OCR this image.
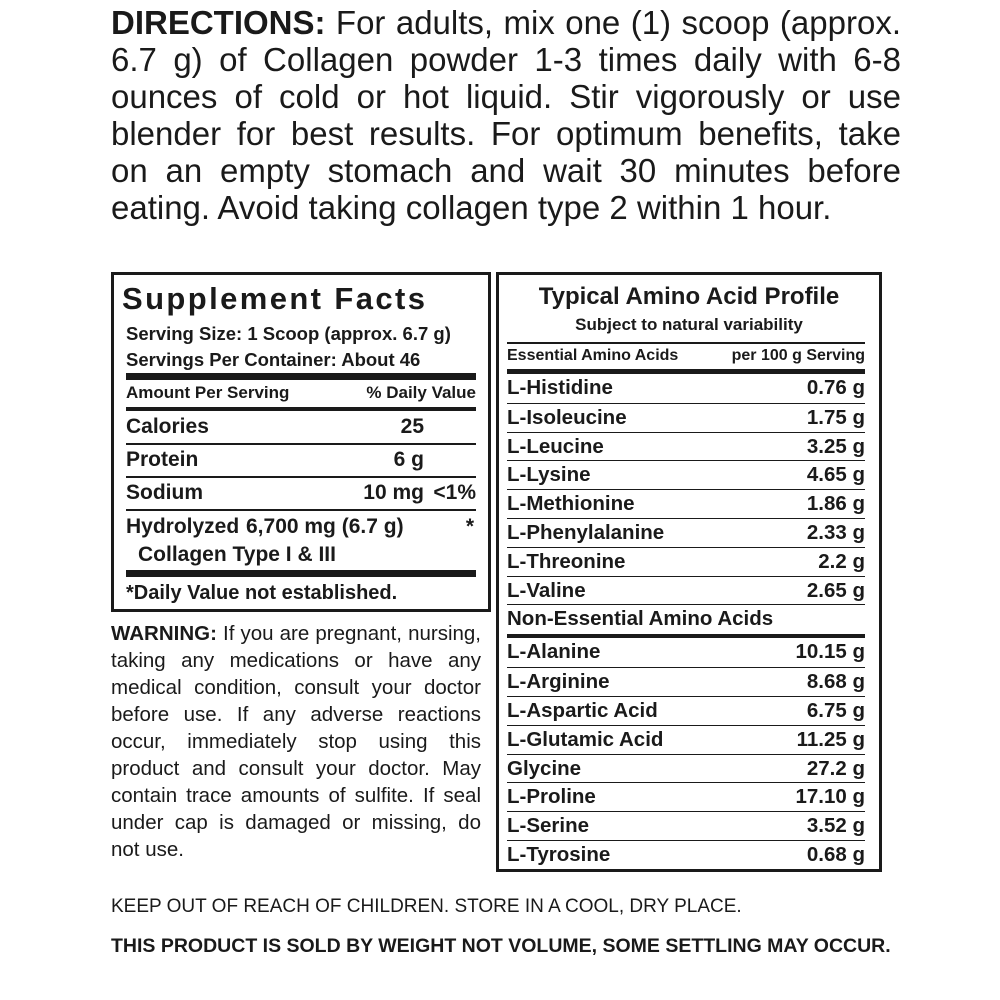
DIRECTIONS: For adults, mix one (1) scoop (approx. 6.7 g) of Collagen powder 1-3 times daily with 6-8 ounces of cold or hot liquid. Stir vigorously or use blender for best results. For optimum benefits, take on an empty stomach and wait 30 minutes before eating. Avoid taking collagen type 2 within 1 hour.
Supplement Facts
Serving Size: 1 Scoop (approx. 6.7 g)
Servings Per Container: About 46
Amount Per Serving	% Daily Value
Calories	25
Protein	6 g
Sodium	10 mg <1%
Hydrolyzed 6,700 mg (6.7 g)	*
Collagen Type I & III
*Daily Value not established.
Typical Amino Acid Profile
Subject to natural variability
Essential Amino Acids	per 100 g Serving
L-Histidine	0.76 g
L-Isoleucine	1.75 g
L-Leucine	3.25 g
L-Lysine	4.65 g
L-Methionine	1.86 g
L-Phenylalanine	2.33 g
L-Threonine	2.2 g
L-Valine	2.65 g
Non-Essential Amino Acids
L-Alanine	10.15 g
L-Arginine	8.68 g
L-Aspartic Acid	6.75 g
L-Glutamic Acid	11.25 g
Glycine	27.2 g
L-Proline	17.10 g
L-Serine	3.52 g
L-Tyrosine	0.68 g
WARNING: If you are pregnant, nursing, taking any medications or have any medical condition, consult your doctor before use. If any adverse reactions occur, immediately stop using this product and consult your doctor. May contain trace amounts of sulfite. If seal under cap is damaged or missing, do not use.
KEEP OUT OF REACH OF CHILDREN. STORE IN A COOL, DRY PLACE.
THIS PRODUCT IS SOLD BY WEIGHT NOT VOLUME, SOME SETTLING MAY OCCUR.
